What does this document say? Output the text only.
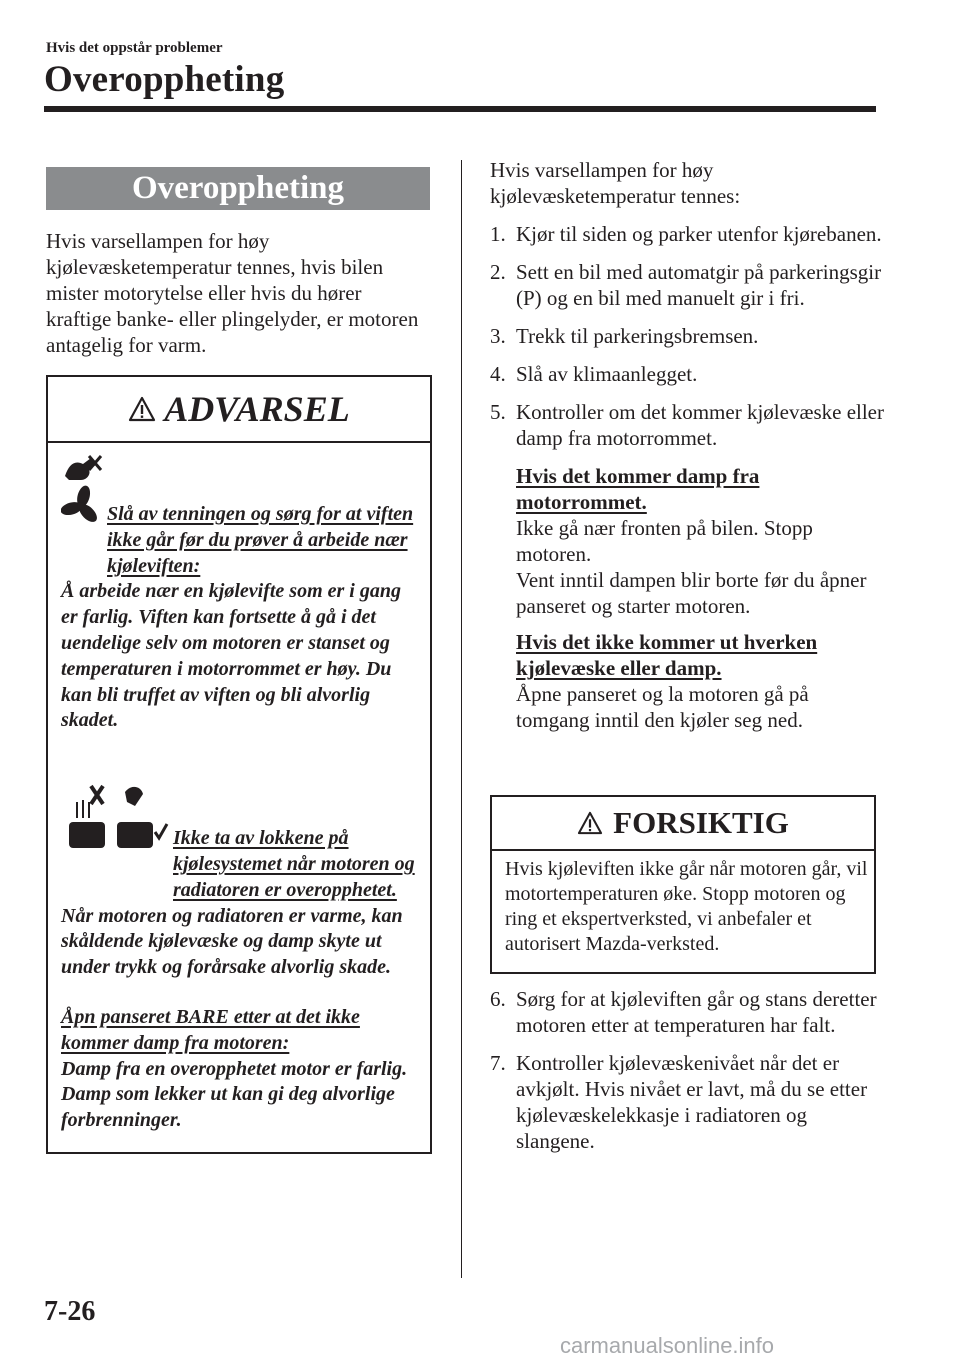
Hvis det oppstår problemer
Overoppheting
Overoppheting
Hvis varsellampen for høy kjølevæsketemperatur tennes, hvis bilen mister motorytelse eller hvis du hører kraftige banke- eller plingelyder, er motoren antagelig for varm.
ADVARSEL
Slå av tenningen og sørg for at viften ikke går før du prøver å arbeide nær kjøleviften:
Å arbeide nær en kjølevifte som er i gang er farlig. Viften kan fortsette å gå i det uendelige selv om motoren er stanset og temperaturen i motorrommet er høy. Du kan bli truffet av viften og bli alvorlig skadet.
Ikke ta av lokkene på kjølesystemet når motoren og radiatoren er overopphetet.
Når motoren og radiatoren er varme, kan skåldende kjølevæske og damp skyte ut under trykk og forårsake alvorlig skade.
Åpn panseret BARE etter at det ikke kommer damp fra motoren:
Damp fra en overopphetet motor er farlig. Damp som lekker ut kan gi deg alvorlige forbrenninger.
Hvis varsellampen for høy kjølevæsketemperatur tennes:
1. Kjør til siden og parker utenfor kjørebanen.
2. Sett en bil med automatgir på parkeringsgir (P) og en bil med manuelt gir i fri.
3. Trekk til parkeringsbremsen.
4. Slå av klimaanlegget.
5. Kontroller om det kommer kjølevæske eller damp fra motorrommet.
Hvis det kommer damp fra motorrommet.
Ikke gå nær fronten på bilen. Stopp motoren.
Vent inntil dampen blir borte før du åpner panseret og starter motoren.
Hvis det ikke kommer ut hverken kjølevæske eller damp.
Åpne panseret og la motoren gå på tomgang inntil den kjøler seg ned.
FORSIKTIG
Hvis kjøleviften ikke går når motoren går, vil motortemperaturen øke. Stopp motoren og ring et ekspertverksted, vi anbefaler et autorisert Mazda-verksted.
6. Sørg for at kjøleviften går og stans deretter motoren etter at temperaturen har falt.
7. Kontroller kjølevæskenivået når det er avkjølt. Hvis nivået er lavt, må du se etter kjølevæskelekkasje i radiatoren og slangene.
7-26
carmanualsonline.info
